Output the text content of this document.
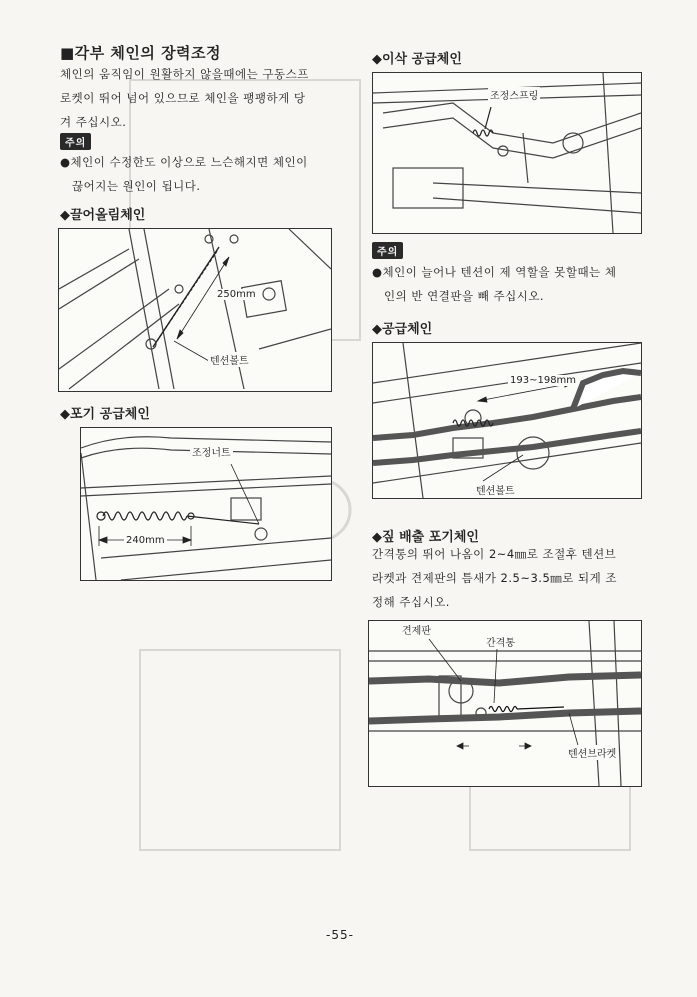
■각부 체인의 장력조정
체인의 움직임이 원활하지 않을때에는 구동스프
로켓이 뛰어 넘어 있으므로 체인을 팽팽하게 당
겨 주십시오.
주의
●체인이 수정한도 이상으로 느슨해지면 체인이
끊어지는 원인이 됩니다.
◆끌어올림체인
250mm
텐션볼트
◆포기 공급체인
조정너트
240mm
◆이삭 공급체인
조정스프링
주의
●체인이 늘어나 텐션이 제 역할을 못할때는 체
인의 반 연결판을 빼 주십시오.
◆공급체인
193~198mm
텐션볼트
◆짚 배출 포기체인
간격통의 뛰어 나옴이 2~4㎜로 조절후 텐션브
라켓과 견제판의 틈새가 2.5~3.5㎜로 되게 조
정해 주십시오.
견제판
간격통
텐션브라켓
-55-
